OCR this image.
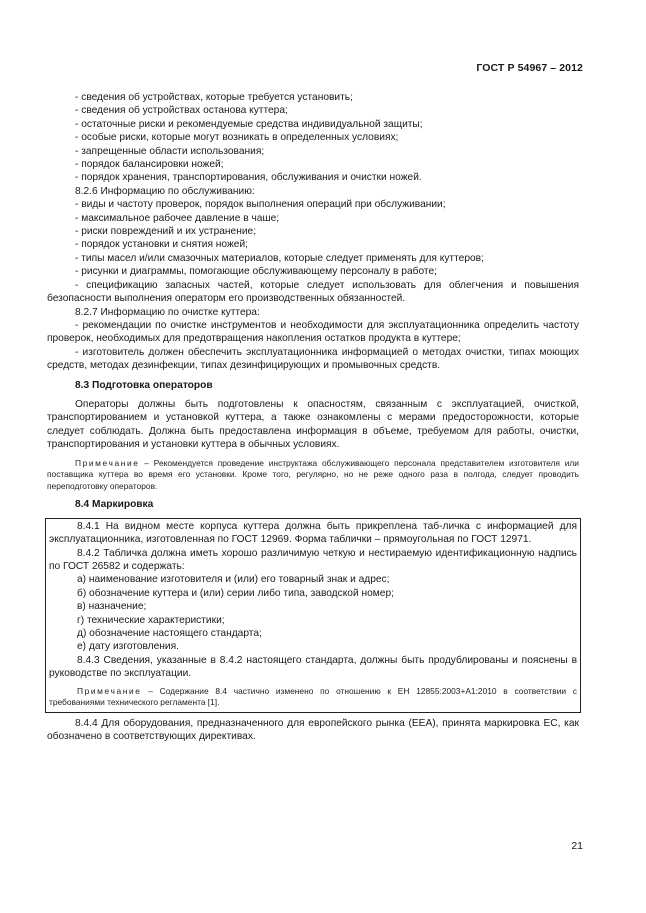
ГОСТ Р 54967 – 2012

- сведения об устройствах, которые требуется установить;

- сведения об устройствах останова куттера;

- остаточные риски и рекомендуемые средства индивидуальной защиты;

- особые риски, которые могут возникать в определенных условиях;

- запрещенные области использования;

- порядок балансировки ножей;

- порядок хранения, транспортирования, обслуживания и очистки ножей.

8.2.6 Информацию по обслуживанию:

- виды и частоту проверок, порядок выполнения операций при обслуживании;

- максимальное рабочее давление в чаше;

- риски повреждений и их устранение;

- порядок установки и снятия ножей;

- типы масел и/или смазочных материалов, которые следует применять для куттеров;

- рисунки и диаграммы, помогающие обслуживающему персоналу в работе;

- спецификацию запасных частей, которые следует использовать для облегчения и повышения безопасности выполнения операторм его производственных обязанностей.

8.2.7 Информацию по очистке куттера:

- рекомендации по очистке инструментов и необходимости для эксплуатационника определить частоту проверок, необходимых для предотвращения накопления остатков продукта в куттере;

- изготовитель должен обеспечить эксплуатационника информацией о методах очистки, типах моющих средств, методах дезинфекции, типах дезинфицирующих и промывочных средств.

8.3 Подготовка операторов

Операторы должны быть подготовлены к опасностям, связанным с эксплуатацией, очисткой, транспортированием и установкой куттера, а также ознакомлены с мерами предосторожности, которые следует соблюдать. Должна быть предоставлена информация в объеме, требуемом для работы, очистки, транспортирования и установки куттера в обычных условиях.

Примечание – Рекомендуется проведение инструктажа обслуживающего персонала представителем изготовителя или поставщика куттера во время его установки. Кроме того, регулярно, но не реже одного раза в полгода, следует проводить переподготовку операторов.

8.4 Маркировка

8.4.1 На видном месте корпуса куттера должна быть прикреплена таб-личка с информацией для эксплуатационника, изготовленная по ГОСТ 12969. Форма таблички – прямоугольная по ГОСТ 12971.

8.4.2 Табличка должна иметь хорошо различимую четкую и нестираемую идентификационную надпись по ГОСТ 26582 и содержать:

а) наименование изготовителя и (или) его товарный знак и адрес;

б) обозначение куттера и (или) серии либо типа, заводской номер;

в) назначение;

г) технические характеристики;

д) обозначение настоящего стандарта;

е) дату изготовления.

8.4.3 Сведения, указанные в 8.4.2 настоящего стандарта, должны быть продублированы и пояснены в руководстве по эксплуатации.

Примечание – Содержание 8.4 частично изменено по отношению к ЕН 12855:2003+А1:2010 в соответствии с требованиями технического регламента [1].

8.4.4 Для оборудования, предназначенного для европейского рынка (ЕЕА), принята маркировка ЕС, как обозначено в соответствующих директивах.

21
